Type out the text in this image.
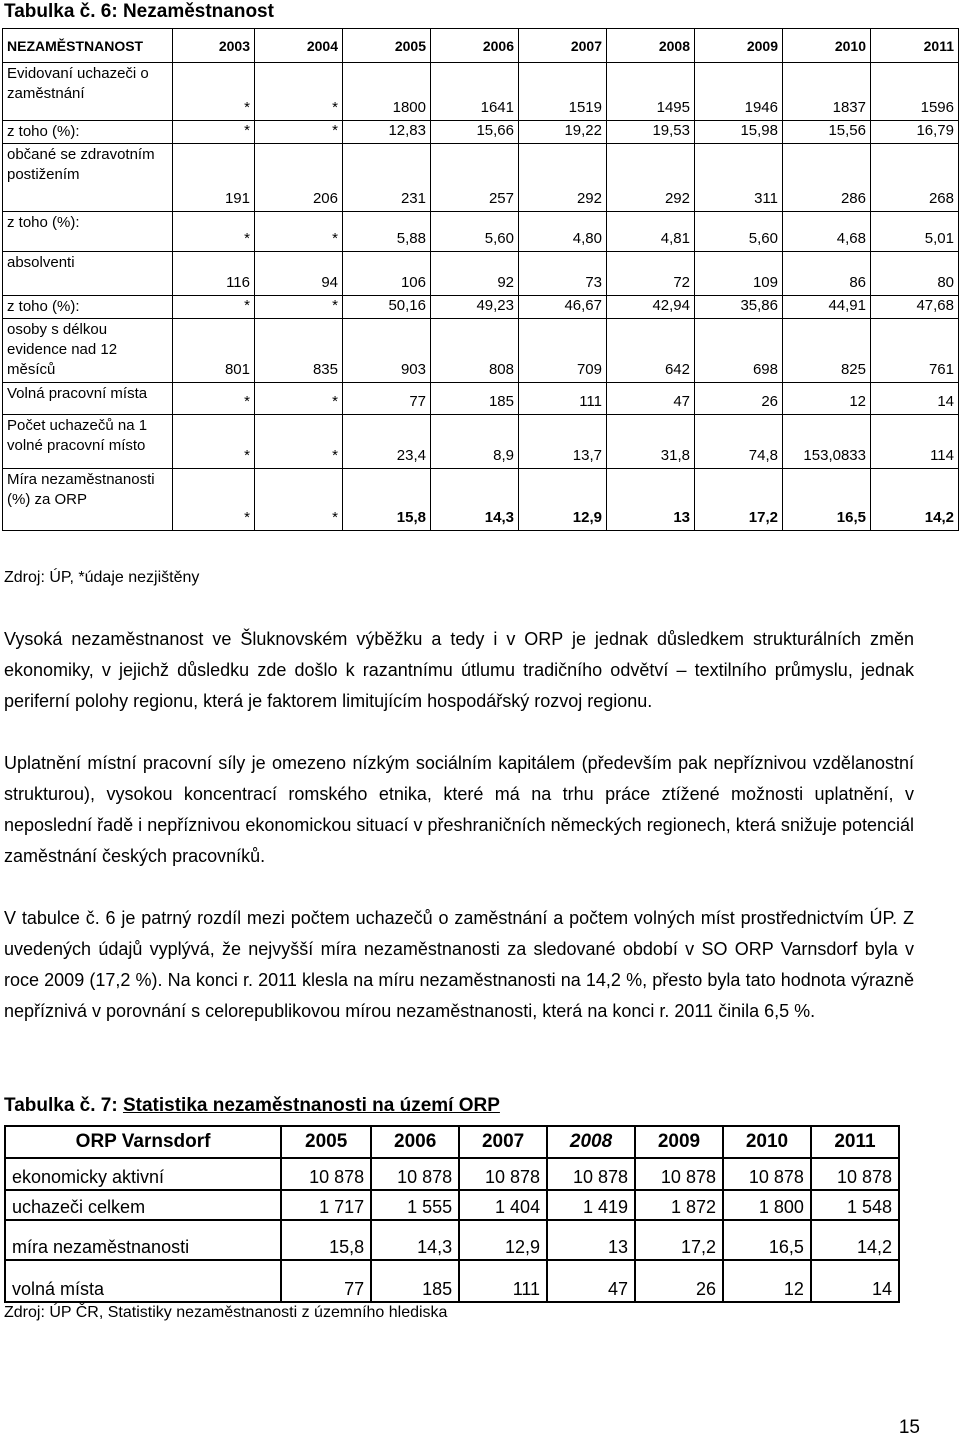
Tabulka č. 6: Nezaměstnanost
NEZAMĚSTNANOST	2003	2004	2005	2006	2007	2008	2009	2010	2011
Evidovaní uchazeči o zaměstnání	*	*	1800	1641	1519	1495	1946	1837	1596
z toho (%):	*	*	12,83	15,66	19,22	19,53	15,98	15,56	16,79
občané se zdravotním postižením	191	206	231	257	292	292	311	286	268
z toho (%):	*	*	5,88	5,60	4,80	4,81	5,60	4,68	5,01
absolventi	116	94	106	92	73	72	109	86	80
z toho (%):	*	*	50,16	49,23	46,67	42,94	35,86	44,91	47,68
osoby s délkou evidence nad 12 měsíců	801	835	903	808	709	642	698	825	761
Volná pracovní místa	*	*	77	185	111	47	26	12	14
Počet uchazečů na 1 volné pracovní místo	*	*	23,4	8,9	13,7	31,8	74,8	153,0833	114
Míra nezaměstnanosti (%) za ORP	*	*	15,8	14,3	12,9	13	17,2	16,5	14,2
Zdroj: ÚP, *údaje nezjištěny
Vysoká nezaměstnanost ve Šluknovském výběžku a tedy i v ORP je jednak důsledkem strukturálních změn ekonomiky, v jejichž důsledku zde došlo k razantnímu útlumu tradičního odvětví – textilního průmyslu, jednak periferní polohy regionu, která je faktorem limitujícím hospodářský rozvoj regionu.
Uplatnění místní pracovní síly je omezeno nízkým sociálním kapitálem (především pak nepříznivou vzdělanostní strukturou), vysokou koncentrací romského etnika, které má na trhu práce ztížené možnosti uplatnění, v neposlední řadě i nepříznivou ekonomickou situací v přeshraničních německých regionech, která snižuje potenciál zaměstnání českých pracovníků.
V tabulce č. 6 je patrný rozdíl mezi počtem uchazečů o zaměstnání a počtem volných míst prostřednictvím ÚP. Z uvedených údajů vyplývá, že nejvyšší míra nezaměstnanosti za sledované období v SO ORP Varnsdorf byla v roce 2009 (17,2 %). Na konci r. 2011 klesla na míru nezaměstnanosti na 14,2 %, přesto byla tato hodnota výrazně nepříznivá v porovnání s celorepublikovou mírou nezaměstnanosti, která na konci r. 2011 činila 6,5 %.
Tabulka č. 7: Statistika nezaměstnanosti na území ORP
ORP Varnsdorf	2005	2006	2007	2008	2009	2010	2011
ekonomicky aktivní	10 878	10 878	10 878	10 878	10 878	10 878	10 878
uchazeči celkem	1 717	1 555	1 404	1 419	1 872	1 800	1 548
míra nezaměstnanosti	15,8	14,3	12,9	13	17,2	16,5	14,2
volná místa	77	185	111	47	26	12	14
Zdroj: ÚP ČR, Statistiky nezaměstnanosti z územního hlediska
15
